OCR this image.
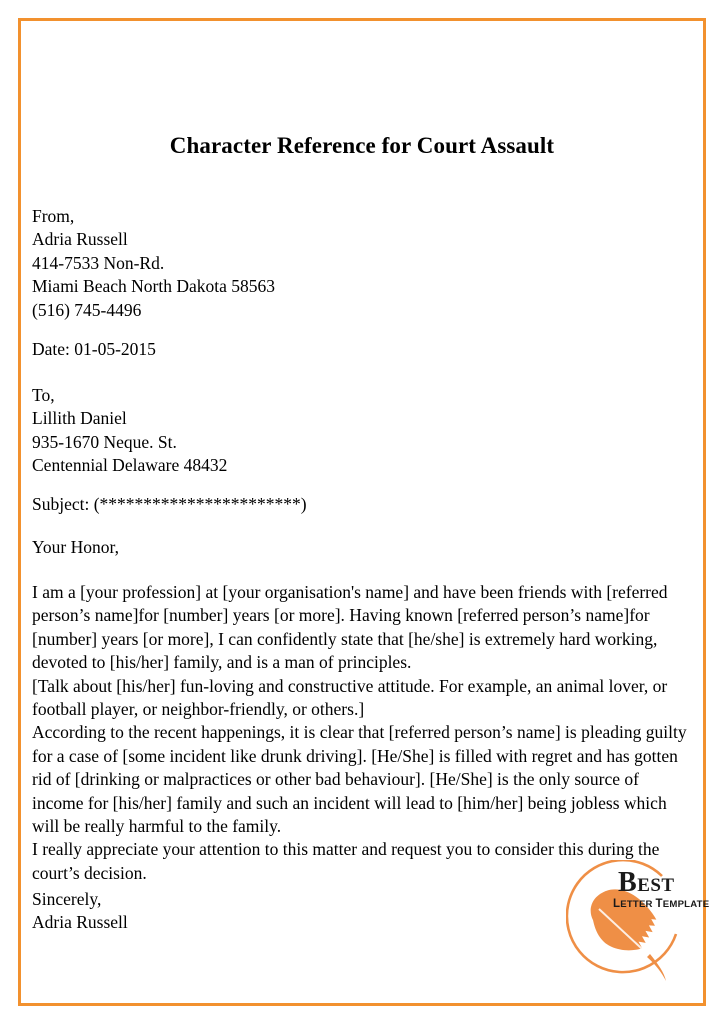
Character Reference for Court Assault
From,
Adria Russell
414-7533 Non-Rd.
Miami Beach North Dakota 58563
(516) 745-4496
Date: 01-05-2015
To,
Lillith Daniel
935-1670 Neque. St.
Centennial Delaware 48432
Subject: (***********************)
Your Honor,

I am a [your profession] at [your organisation's name] and have been friends with [referred person’s name]for [number] years [or more]. Having known [referred person’s name]for [number] years [or more], I can confidently state that [he/she] is extremely hard working, devoted to [his/her] family, and is a man of principles.

[Talk about [his/her] fun-loving and constructive attitude. For example, an animal lover, or football player, or neighbor-friendly, or others.]

According to the recent happenings, it is clear that [referred person’s name] is pleading guilty for a case of [some incident like drunk driving]. [He/She] is filled with regret and has gotten rid of [drinking or malpractices or other bad behaviour]. [He/She] is the only source of income for [his/her] family and such an incident will lead to [him/her] being jobless which will be really harmful to the family.

I really appreciate your attention to this matter and request you to consider this during the court’s decision.

Sincerely,
Adria Russell
BEST
LETTER TEMPLATE
